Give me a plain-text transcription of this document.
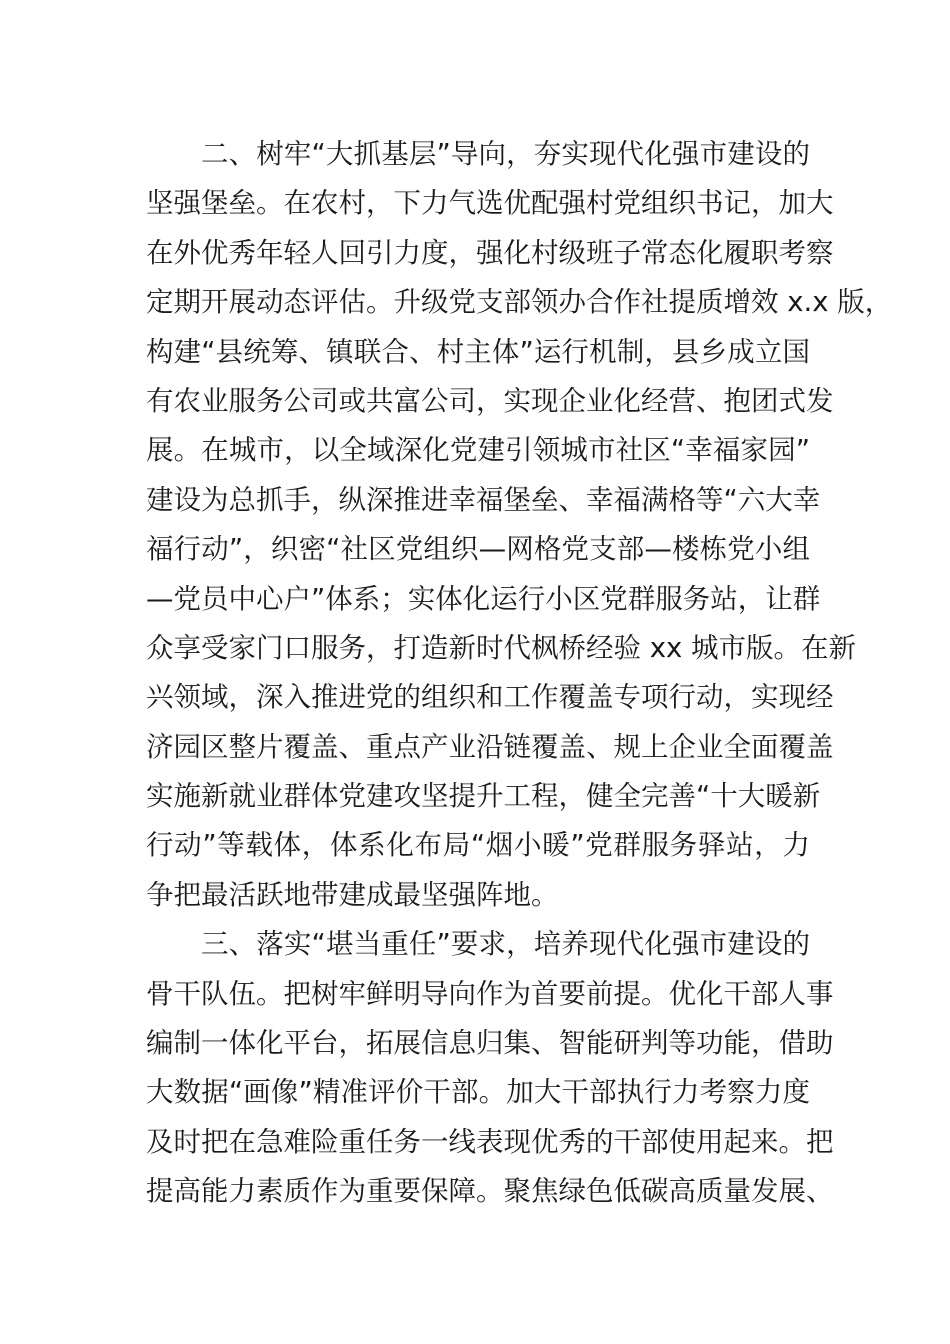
二、树牢“大抓基层”导向，夯实现代化强市建设的
坚强堡垒。在农村，下力气选优配强村党组织书记，加大
在外优秀年轻人回引力度，强化村级班子常态化履职考察
定期开展动态评估。升级党支部领办合作社提质增效 x.x 版，
构建“县统筹、镇联合、村主体”运行机制，县乡成立国
有农业服务公司或共富公司，实现企业化经营、抱团式发
展。在城市，以全域深化党建引领城市社区“幸福家园”
建设为总抓手，纵深推进幸福堡垒、幸福满格等“六大幸
福行动”，织密“社区党组织—网格党支部—楼栋党小组
—党员中心户”体系；实体化运行小区党群服务站，让群
众享受家门口服务，打造新时代枫桥经验 xx 城市版。在新
兴领域，深入推进党的组织和工作覆盖专项行动，实现经
济园区整片覆盖、重点产业沿链覆盖、规上企业全面覆盖
实施新就业群体党建攻坚提升工程，健全完善“十大暖新
行动”等载体，体系化布局“烟小暖”党群服务驿站，力
争把最活跃地带建成最坚强阵地。
三、落实“堪当重任”要求，培养现代化强市建设的
骨干队伍。把树牢鲜明导向作为首要前提。优化干部人事
编制一体化平台，拓展信息归集、智能研判等功能，借助
大数据“画像”精准评价干部。加大干部执行力考察力度
及时把在急难险重任务一线表现优秀的干部使用起来。把
提高能力素质作为重要保障。聚焦绿色低碳高质量发展、
